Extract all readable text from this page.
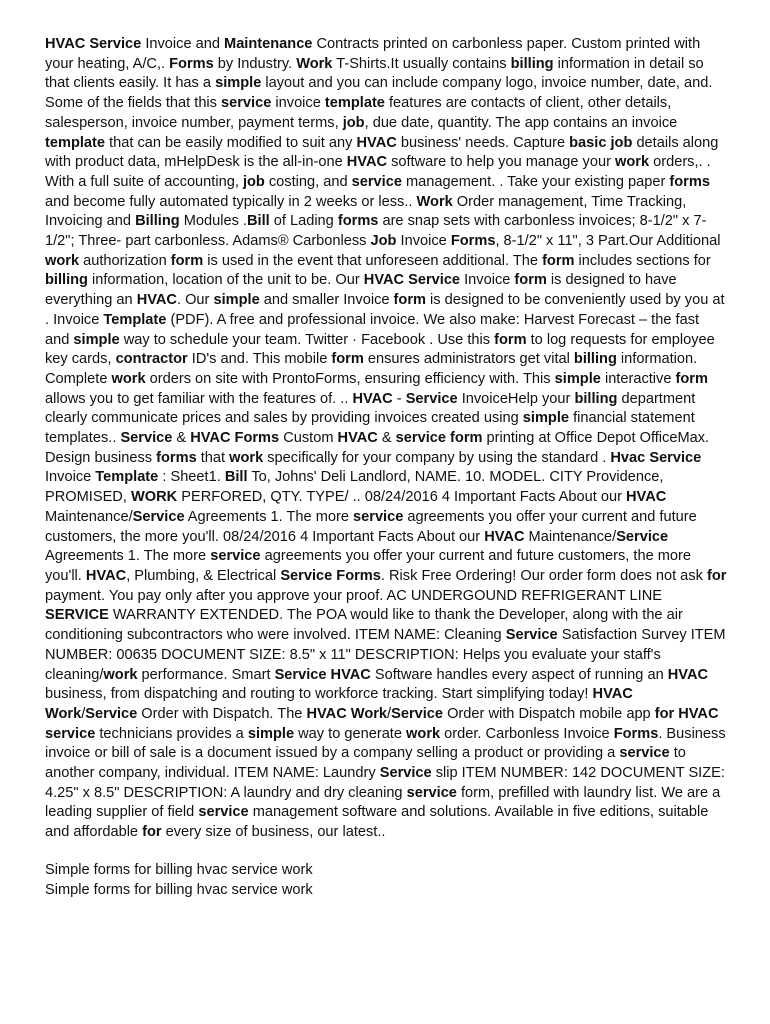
HVAC Service Invoice and Maintenance Contracts printed on carbonless paper. Custom printed with your heating, A/C,. Forms by Industry. Work T-Shirts.It usually contains billing information in detail so that clients easily. It has a simple layout and you can include company logo, invoice number, date, and. Some of the fields that this service invoice template features are contacts of client, other details, salesperson, invoice number, payment terms, job, due date, quantity. The app contains an invoice template that can be easily modified to suit any HVAC business' needs. Capture basic job details along with product data, mHelpDesk is the all-in-one HVAC software to help you manage your work orders,. . With a full suite of accounting, job costing, and service management. . Take your existing paper forms and become fully automated typically in 2 weeks or less.. Work Order management, Time Tracking, Invoicing and Billing Modules .Bill of Lading forms are snap sets with carbonless invoices; 8-1/2" x 7-1/2"; Three- part carbonless. Adams® Carbonless Job Invoice Forms, 8-1/2" x 11", 3 Part.Our Additional work authorization form is used in the event that unforeseen additional. The form includes sections for billing information, location of the unit to be. Our HVAC Service Invoice form is designed to have everything an HVAC. Our simple and smaller Invoice form is designed to be conveniently used by you at . Invoice Template (PDF). A free and professional invoice. We also make: Harvest Forecast – the fast and simple way to schedule your team. Twitter · Facebook . Use this form to log requests for employee key cards, contractor ID's and. This mobile form ensures administrators get vital billing information. Complete work orders on site with ProntoForms, ensuring efficiency with. This simple interactive form allows you to get familiar with the features of. .. HVAC - Service InvoiceHelp your billing department clearly communicate prices and sales by providing invoices created using simple financial statement templates.. Service & HVAC Forms Custom HVAC & service form printing at Office Depot OfficeMax. Design business forms that work specifically for your company by using the standard . Hvac Service Invoice Template : Sheet1. Bill To, Johns' Deli Landlord, NAME. 10. MODEL. CITY Providence, PROMISED, WORK PERFORED, QTY. TYPE/ .. 08/24/2016 4 Important Facts About our HVAC Maintenance/Service Agreements 1. The more service agreements you offer your current and future customers, the more you'll. 08/24/2016 4 Important Facts About our HVAC Maintenance/Service Agreements 1. The more service agreements you offer your current and future customers, the more you'll. HVAC, Plumbing, & Electrical Service Forms. Risk Free Ordering! Our order form does not ask for payment. You pay only after you approve your proof. AC UNDERGOUND REFRIGERANT LINE SERVICE WARRANTY EXTENDED. The POA would like to thank the Developer, along with the air conditioning subcontractors who were involved. ITEM NAME: Cleaning Service Satisfaction Survey ITEM NUMBER: 00635 DOCUMENT SIZE: 8.5" x 11" DESCRIPTION: Helps you evaluate your staff's cleaning/work performance. Smart Service HVAC Software handles every aspect of running an HVAC business, from dispatching and routing to workforce tracking. Start simplifying today! HVAC Work/Service Order with Dispatch. The HVAC Work/Service Order with Dispatch mobile app for HVAC service technicians provides a simple way to generate work order. Carbonless Invoice Forms. Business invoice or bill of sale is a document issued by a company selling a product or providing a service to another company, individual. ITEM NAME: Laundry Service slip ITEM NUMBER: 142 DOCUMENT SIZE: 4.25" x 8.5" DESCRIPTION: A laundry and dry cleaning service form, prefilled with laundry list. We are a leading supplier of field service management software and solutions. Available in five editions, suitable and affordable for every size of business, our latest..

Simple forms for billing hvac service work
Simple forms for billing hvac service work
